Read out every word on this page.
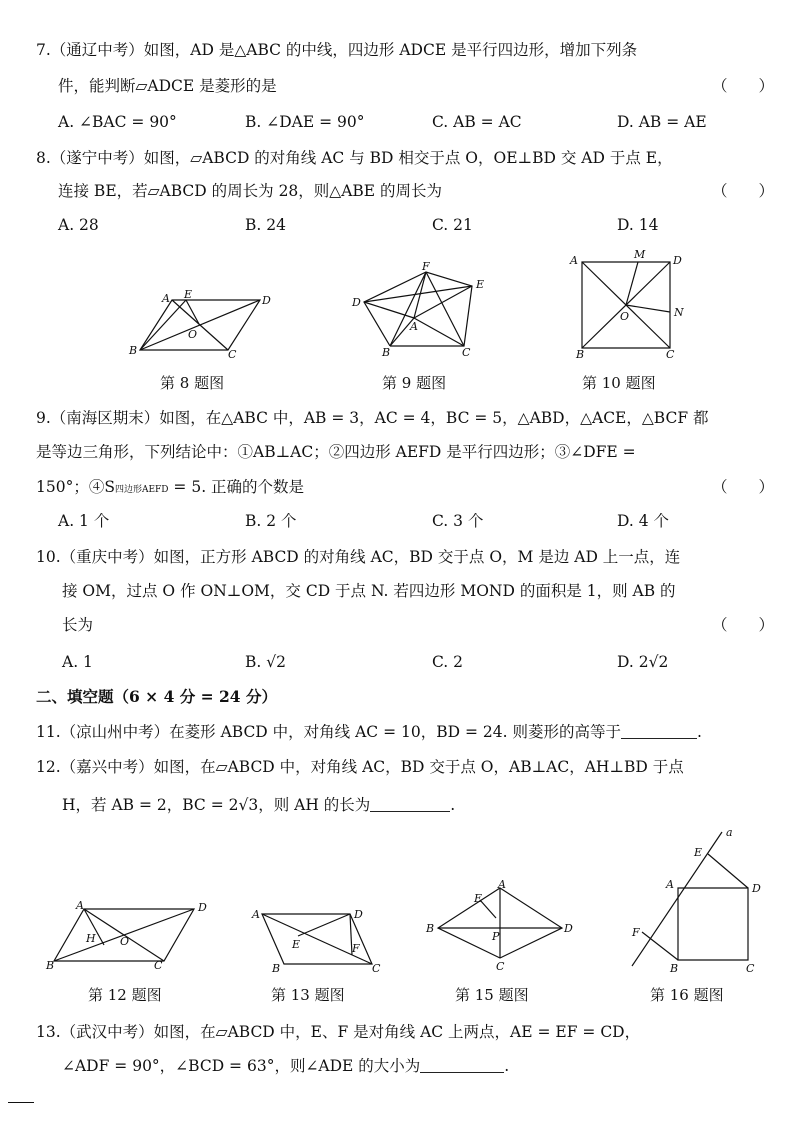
7.（通辽中考）如图，AD 是△ABC 的中线，四边形 ADCE 是平行四边形，增加下列条
件，能判断▱ADCE 是菱形的是	（　　）
A. ∠BAC = 90°	B. ∠DAE = 90°	C. AB = AC	D. AB = AE
8.（遂宁中考）如图，▱ABCD 的对角线 AC 与 BD 相交于点 O，OE⊥BD 交 AD 于点 E，
连接 BE，若▱ABCD 的周长为 28，则△ABE 的周长为	（　　）
A. 28	B. 24	C. 21	D. 14
A E	D
O
B	C
第 8 题图
F
E
D
A
B	C
第 9 题图
A	M	D
O	N
B	C
第 10 题图
9.（南海区期末）如图，在△ABC 中，AB = 3，AC = 4，BC = 5，△ABD，△ACE，△BCF 都
是等边三角形，下列结论中：①AB⊥AC；②四边形 AEFD 是平行四边形；③∠DFE =
150°；④S四边形AEFD = 5. 正确的个数是	（　　）
A. 1 个	B. 2 个	C. 3 个	D. 4 个
10.（重庆中考）如图，正方形 ABCD 的对角线 AC，BD 交于点 O，M 是边 AD 上一点，连
接 OM，过点 O 作 ON⊥OM，交 CD 于点 N. 若四边形 MOND 的面积是 1，则 AB 的
长为	（　　）
A. 1	B. √2	C. 2	D. 2√2
二、填空题（6 × 4 分 = 24 分）
11.（凉山州中考）在菱形 ABCD 中，对角线 AC = 10，BD = 24. 则菱形的高等于	.
12.（嘉兴中考）如图，在▱ABCD 中，对角线 AC，BD 交于点 O，AB⊥AC，AH⊥BD 于点
H，若 AB = 2，BC = 2√3，则 AH 的长为	.
A	D
H O
B	C
第 12 题图
A	D
E	F
B	C
第 13 题图
E
A
B
P
D
C
第 15 题图
a
E
A	D
F
B	C
第 16 题图
13.（武汉中考）如图，在▱ABCD 中，E、F 是对角线 AC 上两点，AE = EF = CD，
∠ADF = 90°，∠BCD = 63°，则∠ADE 的大小为	.
